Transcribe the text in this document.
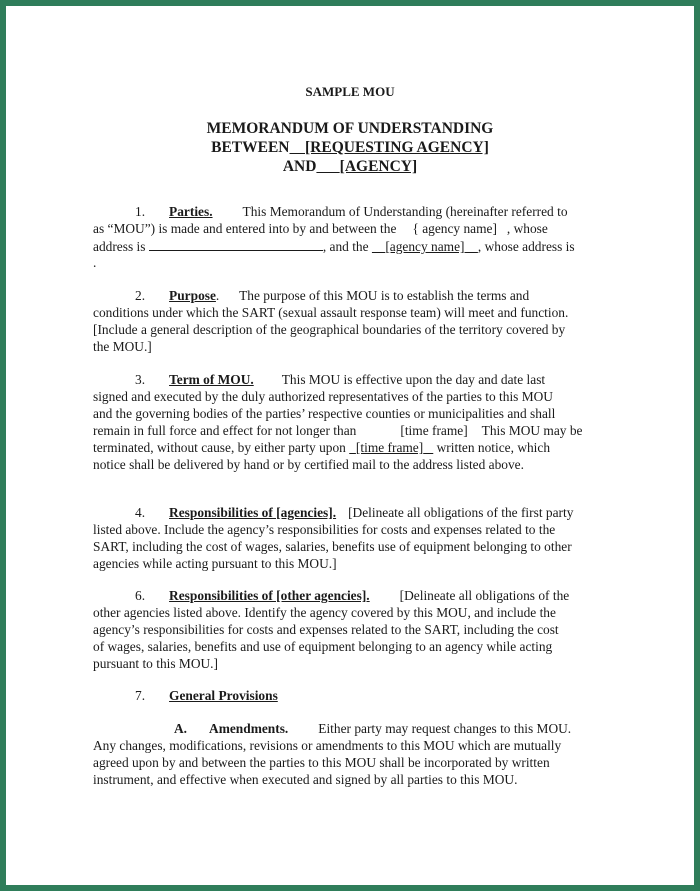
SAMPLE MOU
MEMORANDUM OF UNDERSTANDING
BETWEEN [REQUESTING AGENCY]
AND [AGENCY]
1. Parties. This Memorandum of Understanding (hereinafter referred to
as “MOU”) is made and entered into by and between the { agency name] , whose
address is	, and the [agency name] , whose address is
.
2. Purpose.      The purpose of this MOU is to establish the terms and
conditions under which the SART (sexual assault response team) will meet and function.
[Include a general description of the geographical boundaries of the territory covered by
the MOU.]
3. Term of MOU. This MOU is effective upon the day and date last
signed and executed by the duly authorized representatives of the parties to this MOU
and the governing bodies of the parties’ respective counties or municipalities and shall
remain in full force and effect for not longer than	[time frame] This MOU may be
terminated, without cause, by either party upon [time frame] written notice, which
notice shall be delivered by hand or by certified mail to the address listed above.
4. Responsibilities of [agencies]. [Delineate all obligations of the first party
listed above. Include the agency’s responsibilities for costs and expenses related to the
SART, including the cost of wages, salaries, benefits use of equipment belonging to other
agencies while acting pursuant to this MOU.]
6. Responsibilities of [other agencies]. [Delineate all obligations of the
other agencies listed above. Identify the agency covered by this MOU, and include the
agency’s responsibilities for costs and expenses related to the SART, including the cost
of wages, salaries, benefits and use of equipment belonging to an agency while acting
pursuant to this MOU.]
7. General Provisions
A. Amendments. Either party may request changes to this MOU.
Any changes, modifications, revisions or amendments to this MOU which are mutually
agreed upon by and between the parties to this MOU shall be incorporated by written
instrument, and effective when executed and signed by all parties to this MOU.
